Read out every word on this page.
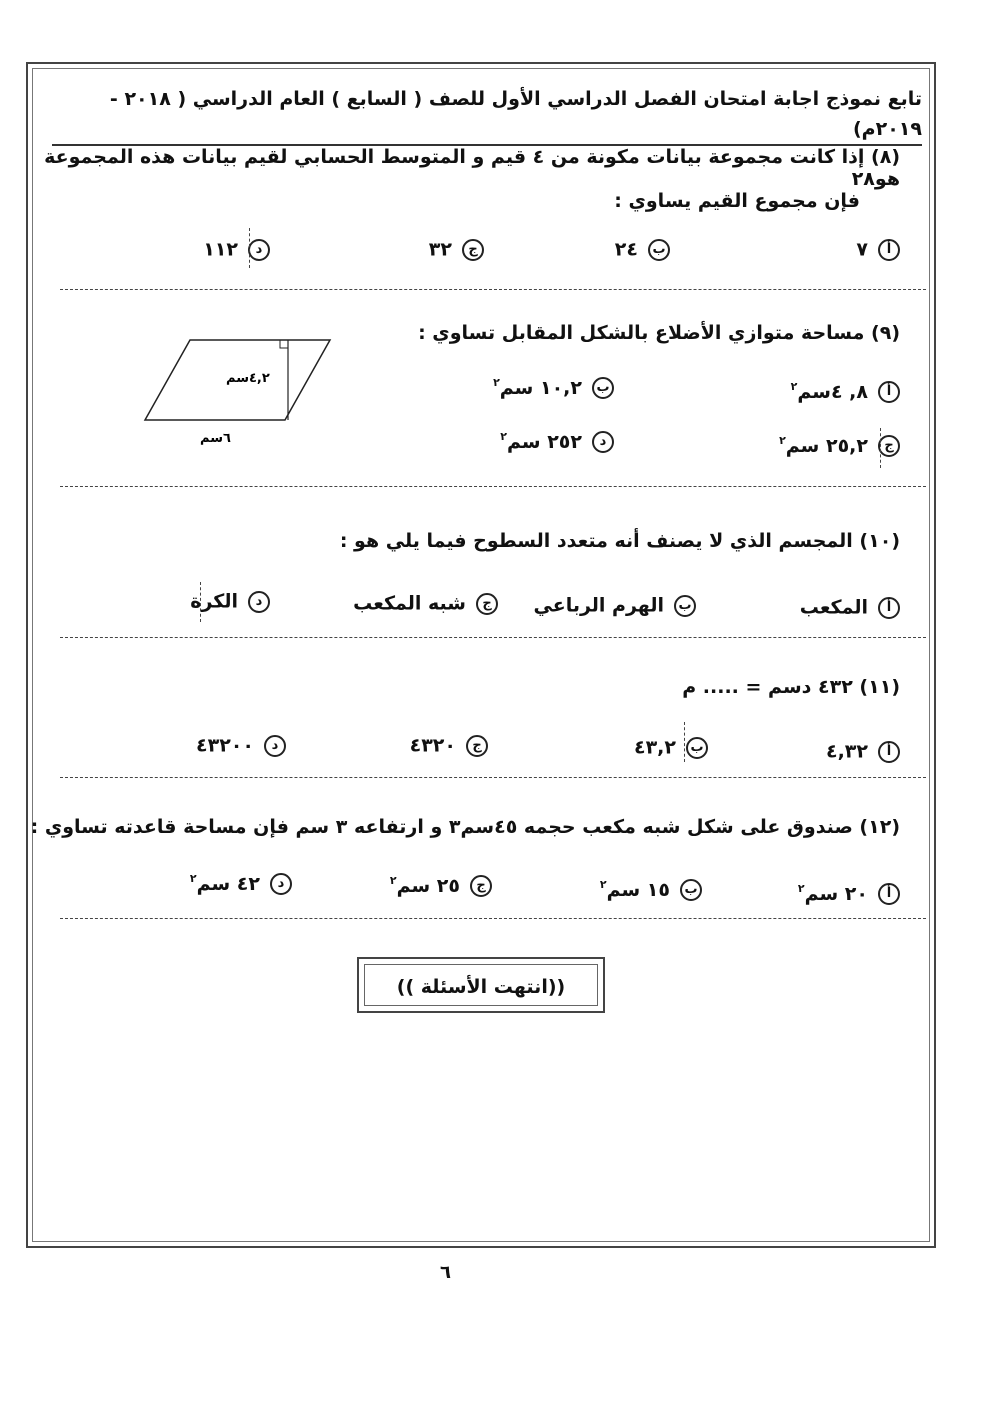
تابع نموذج اجابة امتحان الفصل الدراسي الأول للصف ( السابع ) العام الدراسي ( ٢٠١٨ - ٢٠١٩م)
(٨) إذا كانت مجموعة بيانات مكونة من ٤ قيم و المتوسط الحسابي لقيم بيانات هذه المجموعة هو٢٨
فإن مجموع القيم يساوي :
أ٧
ب٢٤
ج٣٢
د١١٢
(٩) مساحة متوازي الأضلاع بالشكل المقابل تساوي :
٤,٢سم
٦سم
أ٨, ٤سم$^٢$
ب١٠,٢ سم$^٢$
ج٢٥,٢ سم$^٢$
د٢٥٢ سم$^٢$
(١٠) المجسم الذي لا يصنف أنه متعدد السطوح فيما يلي هو :
أالمكعب
بالهرم الرباعي
جشبه المكعب
دالكرة
(١١) ٤٣٢ دسم = ..... م
أ٤,٣٢
ب٤٣,٢
ج٤٣٢٠
د٤٣٢٠٠
(١٢) صندوق على شكل شبه مكعب حجمه ٤٥سم٣ و ارتفاعه ٣ سم فإن مساحة قاعدته تساوي :
أ٢٠ سم$^٢$
ب١٥ سم$^٢$
ج٢٥ سم$^٢$
د٤٢ سم$^٢$
((انتهت الأسئلة ))
٦
